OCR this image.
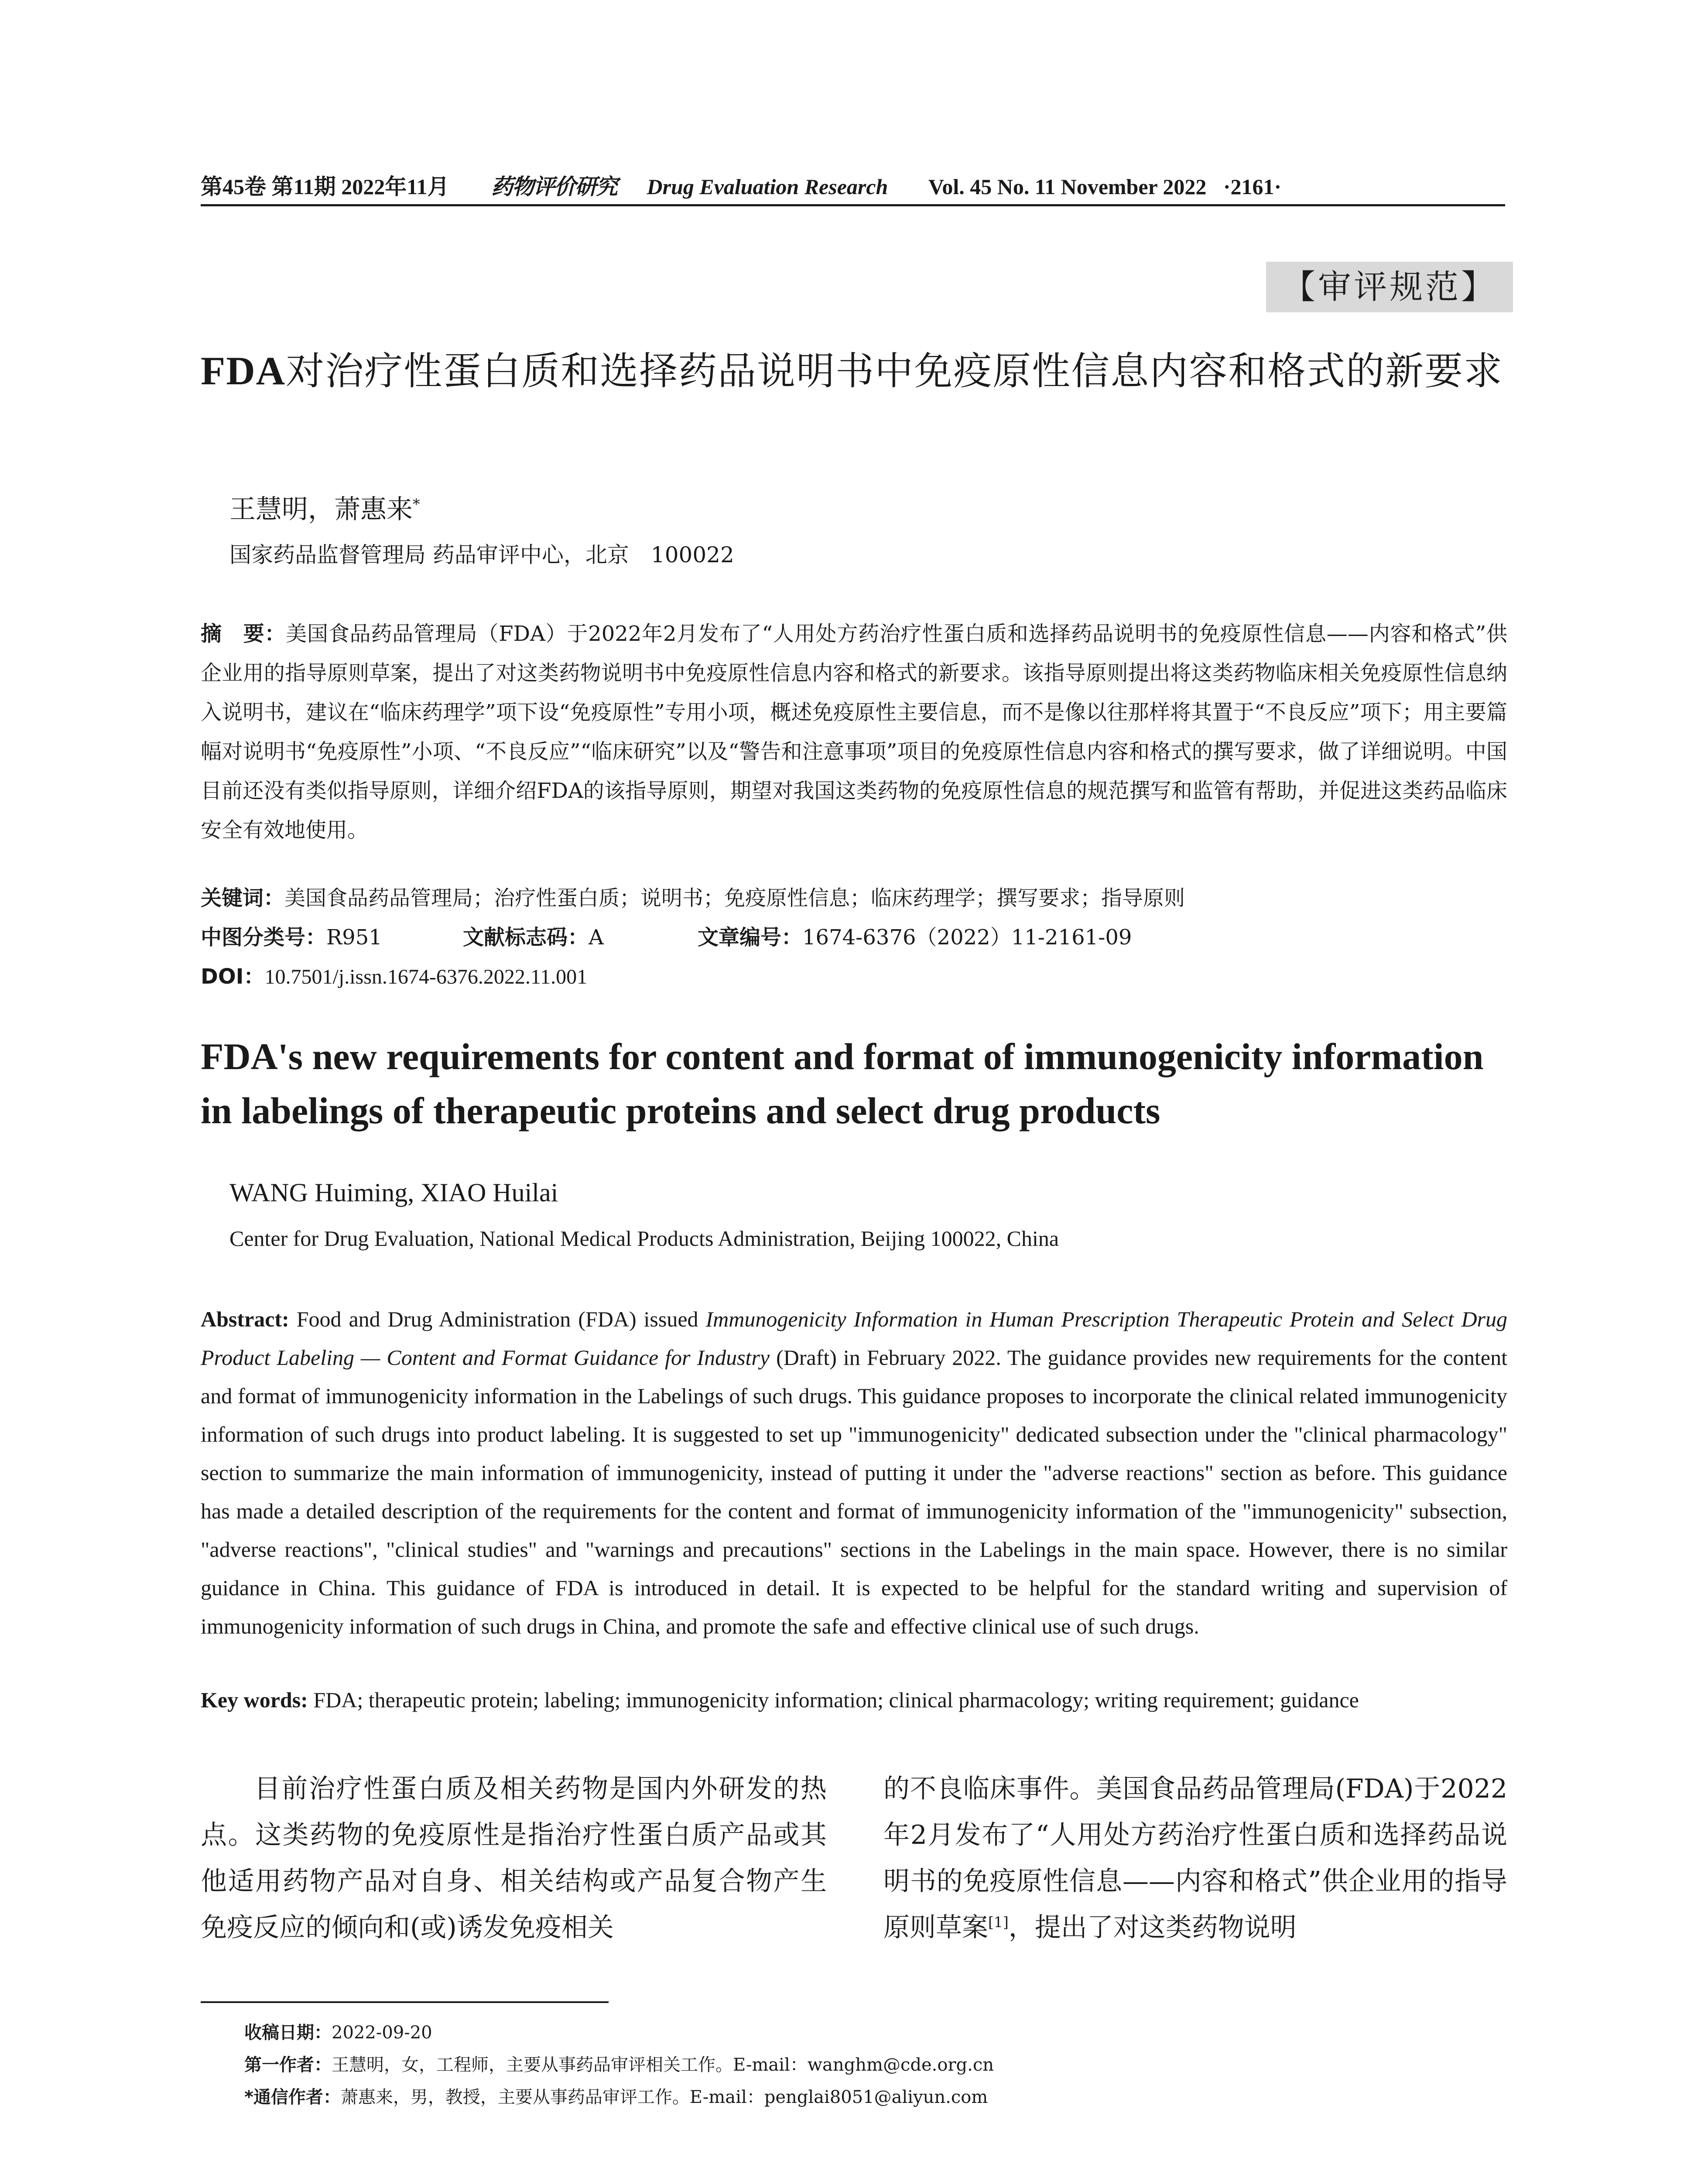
第45卷 第11期 2022年11月 药物评价研究 Drug Evaluation Research Vol. 45 No. 11 November 2022 ·2161·
【审评规范】
FDA对治疗性蛋白质和选择药品说明书中免疫原性信息内容和格式的新要求
王慧明，萧惠来*
国家药品监督管理局 药品审评中心，北京　100022
摘　要：美国食品药品管理局（FDA）于2022年2月发布了“人用处方药治疗性蛋白质和选择药品说明书的免疫原性信息——内容和格式”供企业用的指导原则草案，提出了对这类药物说明书中免疫原性信息内容和格式的新要求。该指导原则提出将这类药物临床相关免疫原性信息纳入说明书，建议在“临床药理学”项下设“免疫原性”专用小项，概述免疫原性主要信息，而不是像以往那样将其置于“不良反应”项下；用主要篇幅对说明书“免疫原性”小项、“不良反应”“临床研究”以及“警告和注意事项”项目的免疫原性信息内容和格式的撰写要求，做了详细说明。中国目前还没有类似指导原则，详细介绍FDA的该指导原则，期望对我国这类药物的免疫原性信息的规范撰写和监管有帮助，并促进这类药品临床安全有效地使用。
关键词：美国食品药品管理局；治疗性蛋白质；说明书；免疫原性信息；临床药理学；撰写要求；指导原则
中图分类号：R951	文献标志码：A	文章编号：1674-6376（2022）11-2161-09
DOI：10.7501/j.issn.1674-6376.2022.11.001
FDA's new requirements for content and format of immunogenicity information in labelings of therapeutic proteins and select drug products
WANG Huiming, XIAO Huilai
Center for Drug Evaluation, National Medical Products Administration, Beijing 100022, China
Abstract: Food and Drug Administration (FDA) issued Immunogenicity Information in Human Prescription Therapeutic Protein and Select Drug Product Labeling — Content and Format Guidance for Industry (Draft) in February 2022. The guidance provides new requirements for the content and format of immunogenicity information in the Labelings of such drugs. This guidance proposes to incorporate the clinical related immunogenicity information of such drugs into product labeling. It is suggested to set up "immunogenicity" dedicated subsection under the "clinical pharmacology" section to summarize the main information of immunogenicity, instead of putting it under the "adverse reactions" section as before. This guidance has made a detailed description of the requirements for the content and format of immunogenicity information of the "immunogenicity" subsection, "adverse reactions", "clinical studies" and "warnings and precautions" sections in the Labelings in the main space. However, there is no similar guidance in China. This guidance of FDA is introduced in detail. It is expected to be helpful for the standard writing and supervision of immunogenicity information of such drugs in China, and promote the safe and effective clinical use of such drugs.
Key words: FDA; therapeutic protein; labeling; immunogenicity information; clinical pharmacology; writing requirement; guidance
目前治疗性蛋白质及相关药物是国内外研发的热点。这类药物的免疫原性是指治疗性蛋白质产品或其他适用药物产品对自身、相关结构或产品复合物产生免疫反应的倾向和(或)诱发免疫相关
的不良临床事件。美国食品药品管理局(FDA)于2022年2月发布了“人用处方药治疗性蛋白质和选择药品说明书的免疫原性信息——内容和格式”供企业用的指导原则草案[1]，提出了对这类药物说明
收稿日期：2022-09-20
第一作者：王慧明，女，工程师，主要从事药品审评相关工作。E-mail：wanghm@cde.org.cn
*通信作者：萧惠来，男，教授，主要从事药品审评工作。E-mail：penglai8051@aliyun.com
